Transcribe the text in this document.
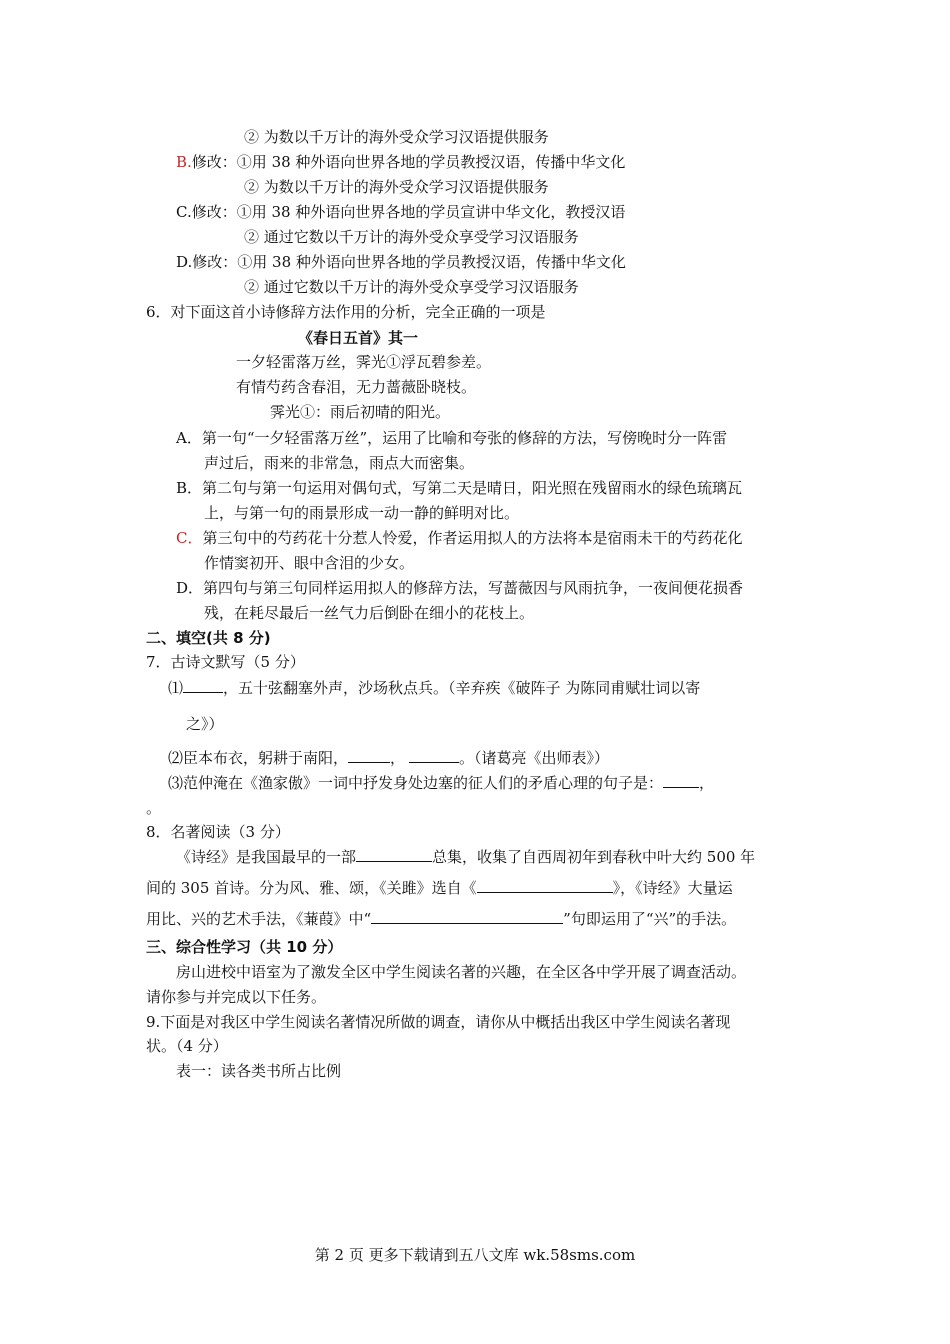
② 为数以千万计的海外受众学习汉语提供服务
B.修改：①用 38 种外语向世界各地的学员教授汉语，传播中华文化
② 为数以千万计的海外受众学习汉语提供服务
C.修改：①用 38 种外语向世界各地的学员宣讲中华文化，教授汉语
② 通过它数以千万计的海外受众享受学习汉语服务
D.修改：①用 38 种外语向世界各地的学员教授汉语，传播中华文化
② 通过它数以千万计的海外受众享受学习汉语服务
6．对下面这首小诗修辞方法作用的分析，完全正确的一项是
《春日五首》其一
一夕轻雷落万丝，霁光①浮瓦碧参差。
有情芍药含春泪，无力蔷薇卧晓枝。
霁光①：雨后初晴的阳光。
A．第一句“一夕轻雷落万丝”，运用了比喻和夸张的修辞的方法，写傍晚时分一阵雷
声过后，雨来的非常急，雨点大而密集。
B．第二句与第一句运用对偶句式，写第二天是晴日，阳光照在残留雨水的绿色琉璃瓦
上，与第一句的雨景形成一动一静的鲜明对比。
C．第三句中的芍药花十分惹人怜爱，作者运用拟人的方法将本是宿雨未干的芍药花化
作情窦初开、眼中含泪的少女。
D．第四句与第三句同样运用拟人的修辞方法，写蔷薇因与风雨抗争，一夜间便花损香
残，在耗尽最后一丝气力后倒卧在细小的花枝上。
二、填空(共 8 分)
7．古诗文默写（5 分）
⑴	，五十弦翻塞外声，沙场秋点兵。（辛弃疾《破阵子 为陈同甫赋壮词以寄
之》）
⑵臣本布衣，躬耕于南阳，	，	。（诸葛亮《出师表》）
⑶范仲淹在《渔家傲》一词中抒发身处边塞的征人们的矛盾心理的句子是： ，
。
8．名著阅读（3 分）
《诗经》是我国最早的一部	总集，收集了自西周初年到春秋中叶大约 500 年
间的 305 首诗。分为风、雅、颂，《关雎》选自《	》，《诗经》大量运
用比、兴的艺术手法，《蒹葭》中“	”句即运用了“兴”的手法。
三、综合性学习（共 10 分）
房山进校中语室为了激发全区中学生阅读名著的兴趣，在全区各中学开展了调查活动。
请你参与并完成以下任务。
9.下面是对我区中学生阅读名著情况所做的调查，请你从中概括出我区中学生阅读名著现
状。（4 分）
表一：读各类书所占比例
第 2 页 更多下载请到五八文库 wk.58sms.com
